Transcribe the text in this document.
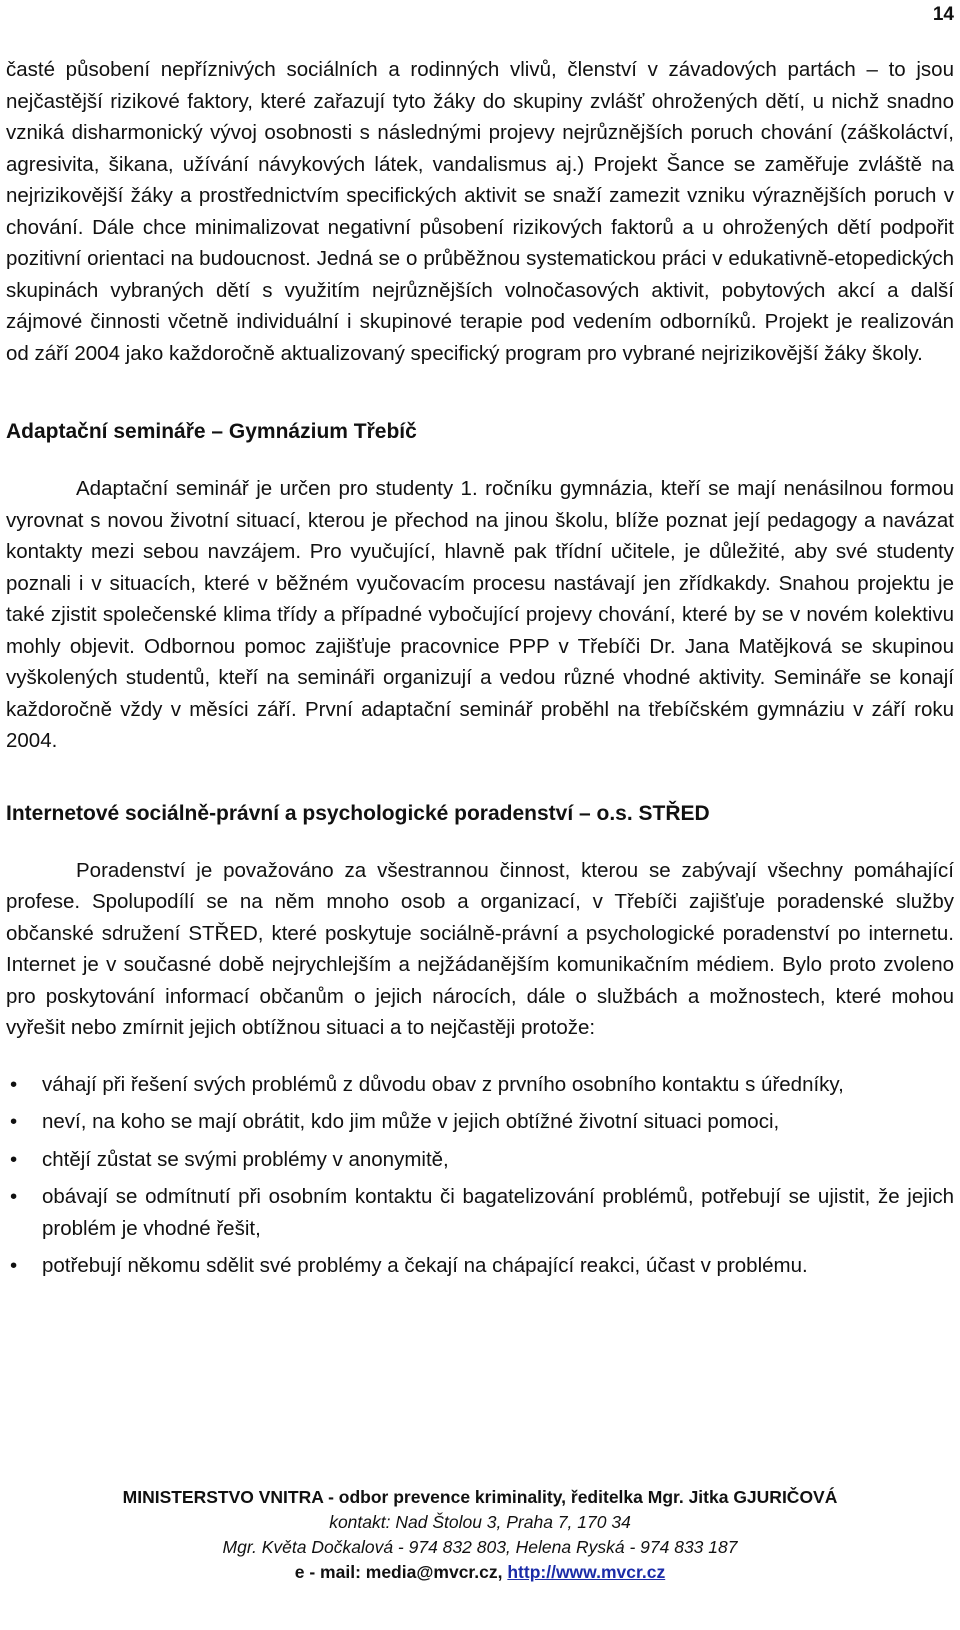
14

časté působení nepříznivých sociálních a rodinných vlivů, členství v závadových partách – to jsou nejčastější rizikové faktory, které zařazují tyto žáky do skupiny zvlášť ohrožených dětí, u nichž snadno vzniká disharmonický vývoj osobnosti s následnými projevy nejrůznějších poruch chování (záškoláctví, agresivita, šikana, užívání návykových látek, vandalismus aj.) Projekt Šance se zaměřuje zvláště na nejrizikovější žáky a prostřednictvím specifických aktivit se snaží zamezit vzniku výraznějších poruch v chování. Dále chce minimalizovat negativní působení rizikových faktorů a u ohrožených dětí podpořit pozitivní orientaci na budoucnost. Jedná se o průběžnou systematickou práci v edukativně-etopedických skupinách vybraných dětí s využitím nejrůznějších volnočasových aktivit, pobytových akcí a další zájmové činnosti včetně individuální i skupinové terapie pod vedením odborníků. Projekt je realizován od září 2004 jako každoročně aktualizovaný specifický program pro vybrané nejrizikovější žáky školy.

Adaptační semináře – Gymnázium Třebíč

Adaptační seminář je určen pro studenty 1. ročníku gymnázia, kteří se mají nenásilnou formou vyrovnat s novou životní situací, kterou je přechod na jinou školu, blíže poznat její pedagogy a navázat kontakty mezi sebou navzájem. Pro vyučující, hlavně pak třídní učitele, je důležité, aby své studenty poznali i v situacích, které v běžném vyučovacím procesu nastávají jen zřídkakdy. Snahou projektu je také zjistit společenské klima třídy a případné vybočující projevy chování, které by se v novém kolektivu mohly objevit. Odbornou pomoc zajišťuje pracovnice PPP v Třebíči Dr. Jana Matějková se skupinou vyškolených studentů, kteří na semináři organizují a vedou různé vhodné aktivity. Semináře se konají každoročně vždy v měsíci září. První adaptační seminář proběhl na třebíčském gymnáziu v září roku 2004.

Internetové sociálně-právní a psychologické poradenství – o.s. STŘED

Poradenství je považováno za všestrannou činnost, kterou se zabývají všechny pomáhající profese. Spolupodílí se na něm mnoho osob a organizací, v Třebíči zajišťuje poradenské služby občanské sdružení STŘED, které poskytuje sociálně-právní a psychologické poradenství po internetu. Internet je v současné době nejrychlejším a nejžádanějším komunikačním médiem. Bylo proto zvoleno pro poskytování informací občanům o jejich nárocích, dále o službách a možnostech, které mohou vyřešit nebo zmírnit jejich obtížnou situaci a to nejčastěji protože:

• váhají při řešení svých problémů z důvodu obav z prvního osobního kontaktu s úředníky,
• neví, na koho se mají obrátit, kdo jim může v jejich obtížné životní situaci pomoci,
• chtějí zůstat se svými problémy v anonymitě,
• obávají se odmítnutí při osobním kontaktu či bagatelizování problémů, potřebují se ujistit, že jejich problém je vhodné řešit,
• potřebují někomu sdělit své problémy a čekají na chápající reakci, účast v problému.
MINISTERSTVO VNITRA - odbor prevence kriminality, ředitelka Mgr. Jitka GJURIČOVÁ
kontakt: Nad Štolou 3, Praha 7, 170 34
Mgr. Květa Dočkalová - 974 832 803, Helena Ryská - 974 833 187
e - mail: media@mvcr.cz, http://www.mvcr.cz
